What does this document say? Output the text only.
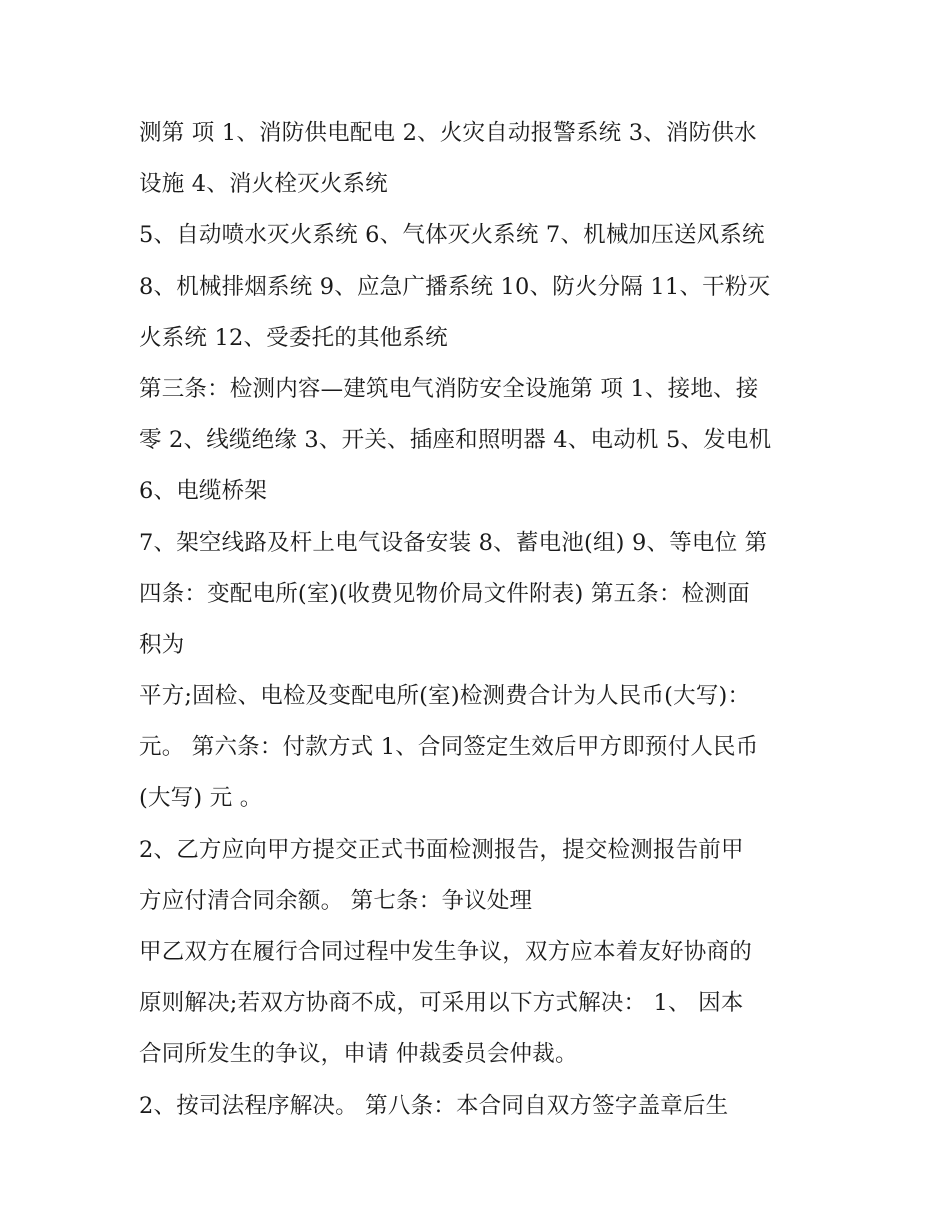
测第 项 1、消防供电配电 2、火灾自动报警系统 3、消防供水
设施 4、消火栓灭火系统
5、自动喷水灭火系统 6、气体灭火系统 7、机械加压送风系统
8、机械排烟系统 9、应急广播系统 10、防火分隔 11、干粉灭
火系统 12、受委托的其他系统
第三条：检测内容—建筑电气消防安全设施第 项 1、接地、接
零 2、线缆绝缘 3、开关、插座和照明器 4、电动机 5、发电机
6、电缆桥架
7、架空线路及杆上电气设备安装 8、蓄电池(组) 9、等电位 第
四条：变配电所(室)(收费见物价局文件附表) 第五条：检测面
积为
平方;固检、电检及变配电所(室)检测费合计为人民币(大写)：
元。 第六条：付款方式 1、合同签定生效后甲方即预付人民币
(大写) 元 。
2、乙方应向甲方提交正式书面检测报告，提交检测报告前甲
方应付清合同余额。 第七条：争议处理
甲乙双方在履行合同过程中发生争议，双方应本着友好协商的
原则解决;若双方协商不成，可采用以下方式解决： 1、 因本
合同所发生的争议，申请 仲裁委员会仲裁。
2、按司法程序解决。 第八条：本合同自双方签字盖章后生
